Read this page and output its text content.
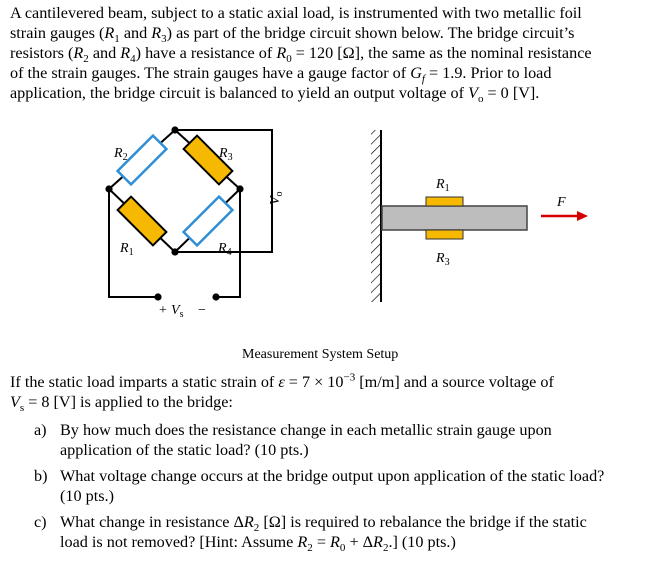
A cantilevered beam, subject to a static axial load, is instrumented with two metallic foil
strain gauges ($R_1$ and $R_3$) as part of the bridge circuit shown below. The bridge circuit’s
resistors ($R_2$ and $R_4$) have a resistance of $R_0 = 120$ [Ω], the same as the nominal resistance
of the strain gauges. The strain gauges have a gauge factor of $G_f = 1.9$. Prior to load
application, the bridge circuit is balanced to yield an output voltage of $V_o = 0$ [V].
$R_2$	$R_3$
$R_1$	$R_4$
$V_o$
+ $V_s$ −
$R_1$
$R_3$
F
Measurement System Setup
If the static load imparts a static strain of $\varepsilon = 7 \times 10^{-3}$ [m/m] and a source voltage of
$V_s = 8$ [V] is applied to the bridge:
a) By how much does the resistance change in each metallic strain gauge upon
application of the static load? (10 pts.)
b) What voltage change occurs at the bridge output upon application of the static load?
(10 pts.)
c) What change in resistance $\Delta R_2$ [Ω] is required to rebalance the bridge if the static
load is not removed? [Hint: Assume $R_2 = R_0 + \Delta R_2$.] (10 pts.)
